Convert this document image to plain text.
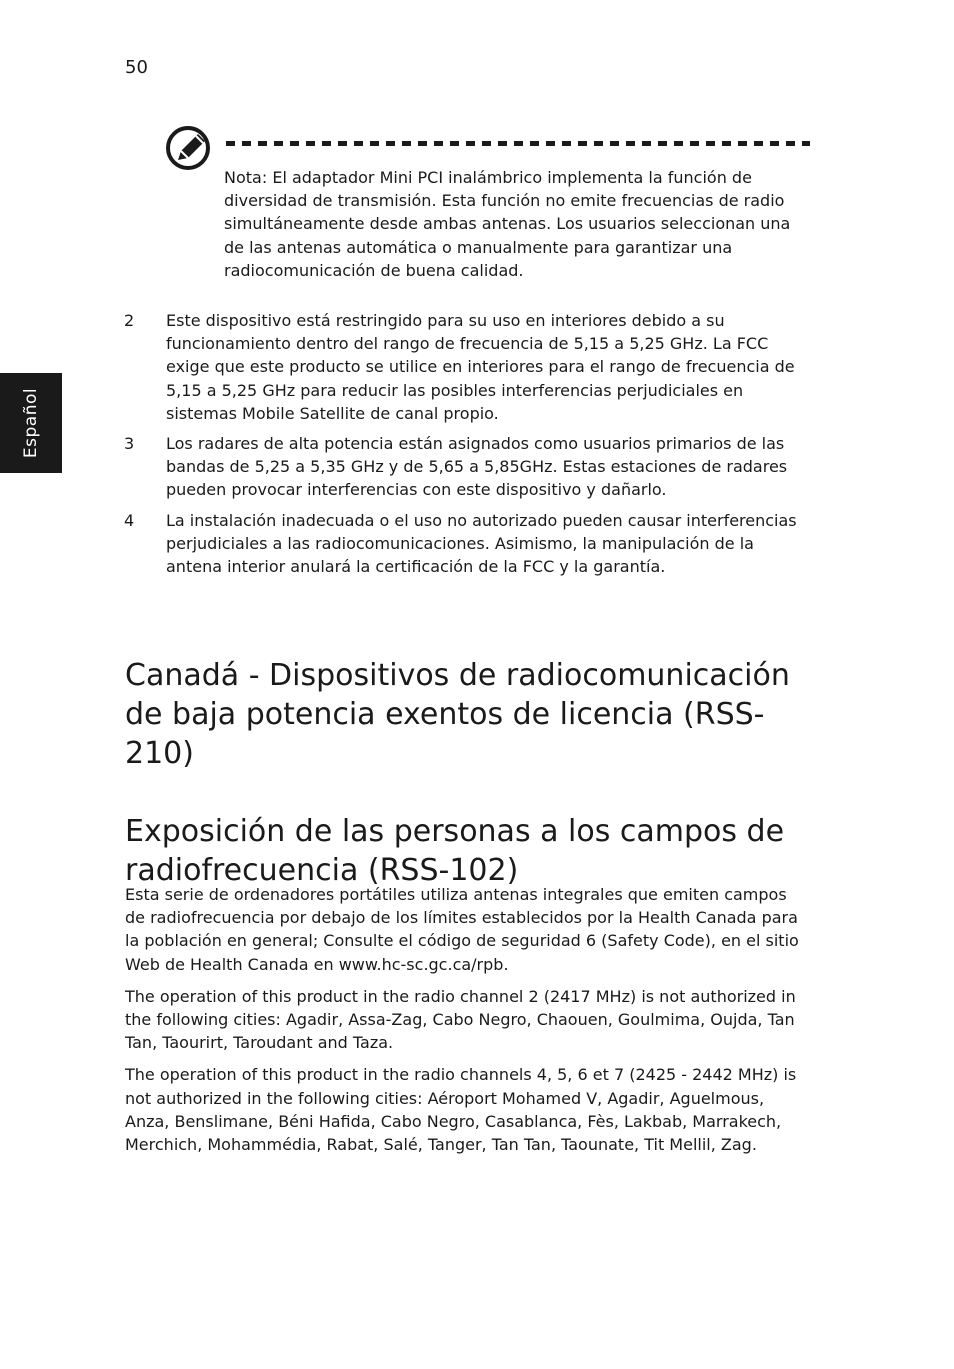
50
Español
Nota: El adaptador Mini PCI inalámbrico implementa la función de diversidad de transmisión. Esta función no emite frecuencias de radio simultáneamente desde ambas antenas. Los usuarios seleccionan una de las antenas automática o manualmente para garantizar una radiocomunicación de buena calidad.
2 Este dispositivo está restringido para su uso en interiores debido a su funcionamiento dentro del rango de frecuencia de 5,15 a 5,25 GHz. La FCC exige que este producto se utilice en interiores para el rango de frecuencia de 5,15 a 5,25 GHz para reducir las posibles interferencias perjudiciales en sistemas Mobile Satellite de canal propio.
3 Los radares de alta potencia están asignados como usuarios primarios de las bandas de 5,25 a 5,35 GHz y de 5,65 a 5,85GHz. Estas estaciones de radares pueden provocar interferencias con este dispositivo y dañarlo.
4 La instalación inadecuada o el uso no autorizado pueden causar interferencias perjudiciales a las radiocomunicaciones. Asimismo, la manipulación de la antena interior anulará la certificación de la FCC y la garantía.
Canadá - Dispositivos de radiocomunicación de baja potencia exentos de licencia (RSS-210)
Exposición de las personas a los campos de radiofrecuencia (RSS-102)

Esta serie de ordenadores portátiles utiliza antenas integrales que emiten campos de radiofrecuencia por debajo de los límites establecidos por la Health Canada para la población en general; Consulte el código de seguridad 6 (Safety Code), en el sitio Web de Health Canada en www.hc-sc.gc.ca/rpb.

The operation of this product in the radio channel 2 (2417 MHz) is not authorized in the following cities: Agadir, Assa-Zag, Cabo Negro, Chaouen, Goulmima, Oujda, Tan Tan, Taourirt, Taroudant and Taza.

The operation of this product in the radio channels 4, 5, 6 et 7 (2425 - 2442 MHz) is not authorized in the following cities: Aéroport Mohamed V, Agadir, Aguelmous, Anza, Benslimane, Béni Hafida, Cabo Negro, Casablanca, Fès, Lakbab, Marrakech, Merchich, Mohammédia, Rabat, Salé, Tanger, Tan Tan, Taounate, Tit Mellil, Zag.
